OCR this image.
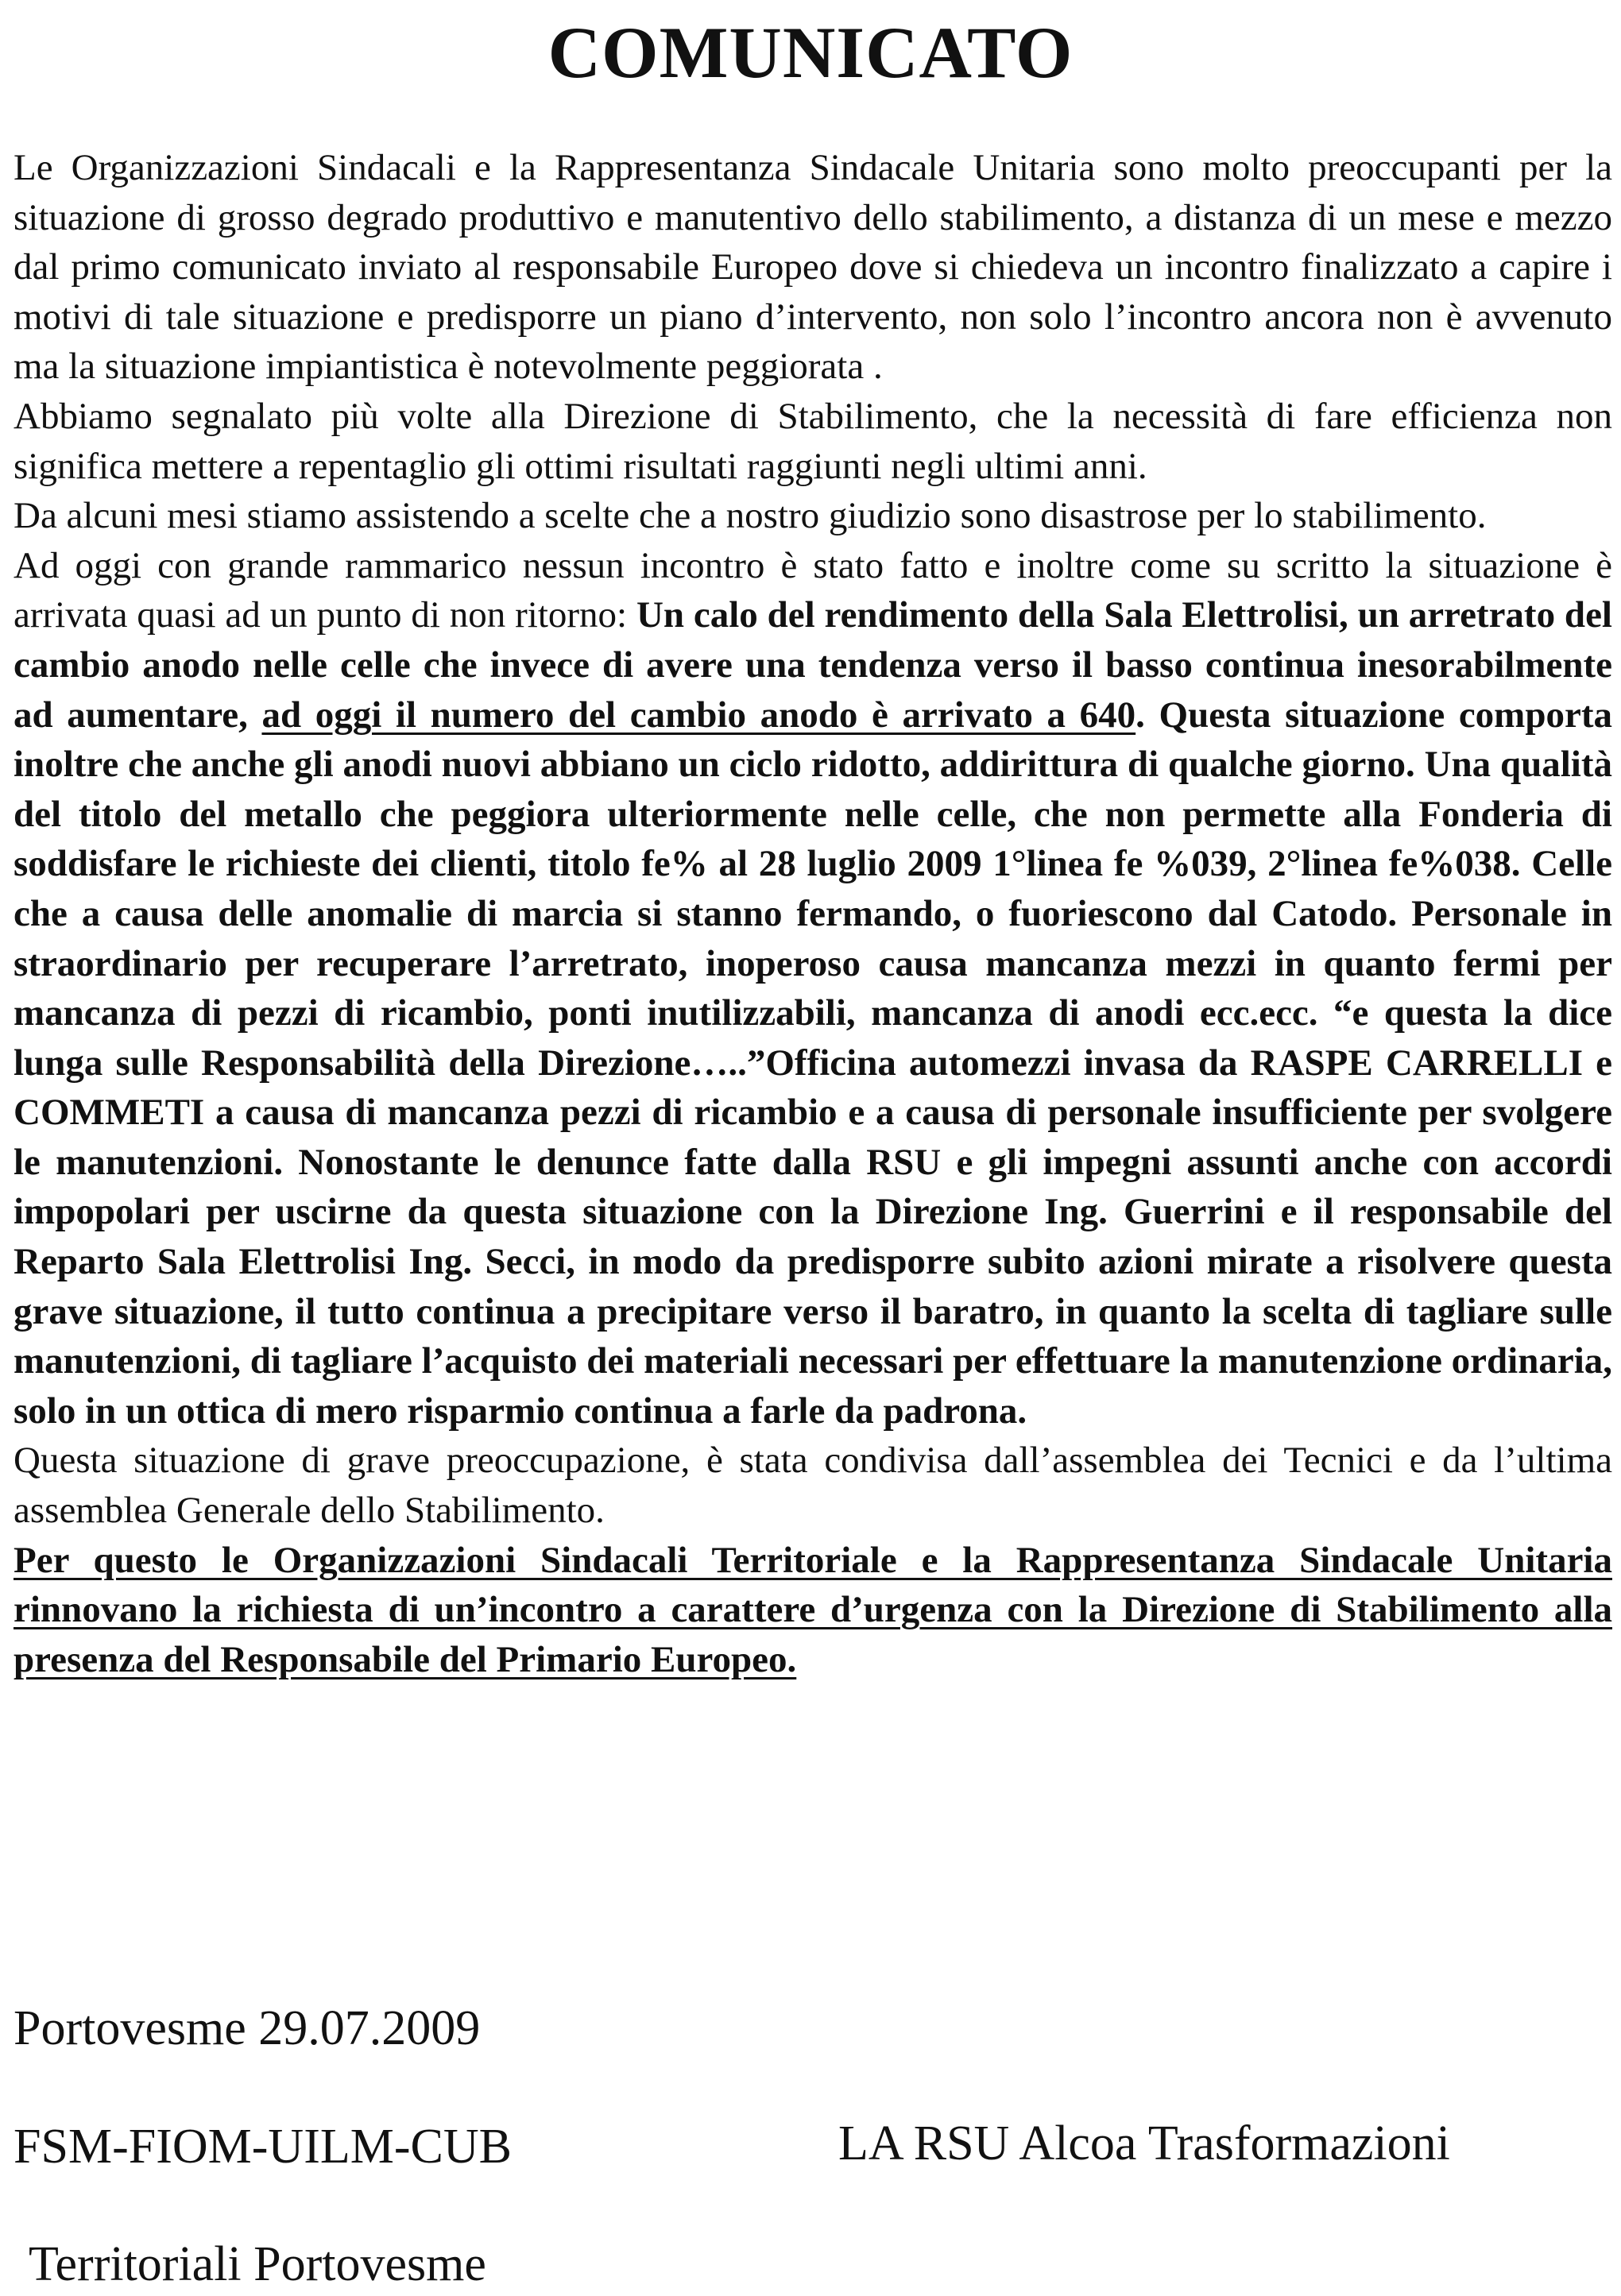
COMUNICATO

Le Organizzazioni Sindacali e la Rappresentanza Sindacale Unitaria sono molto preoccupanti per la situazione di grosso degrado produttivo e manutentivo dello stabilimento, a distanza di un mese e mezzo dal primo comunicato inviato al responsabile Europeo dove si chiedeva un incontro finalizzato a capire i motivi di tale situazione e predisporre un piano d’intervento, non solo l’incontro ancora non è avvenuto ma la situazione impiantistica è notevolmente peggiorata .

Abbiamo segnalato più volte alla Direzione di Stabilimento, che la necessità di fare efficienza non significa mettere a repentaglio gli ottimi risultati raggiunti negli ultimi anni.

Da alcuni mesi stiamo assistendo a scelte che a nostro giudizio sono disastrose per lo stabilimento.

Ad oggi con grande rammarico nessun incontro è stato fatto e inoltre come su scritto la situazione è arrivata quasi ad un punto di non ritorno: Un calo del rendimento della Sala Elettrolisi, un arretrato del cambio anodo nelle celle che invece di avere una tendenza verso il basso continua inesorabilmente ad aumentare, ad oggi il numero del cambio anodo è arrivato a 640. Questa situazione comporta inoltre che anche gli anodi nuovi abbiano un ciclo ridotto, addirittura di qualche giorno. Una qualità del titolo del metallo che peggiora ulteriormente nelle celle, che non permette alla Fonderia di soddisfare le richieste dei clienti, titolo fe% al 28 luglio 2009 1°linea fe %039, 2°linea fe%038. Celle che a causa delle anomalie di marcia si stanno fermando, o fuoriescono dal Catodo. Personale in straordinario per recuperare l’arretrato, inoperoso causa mancanza mezzi in quanto fermi per mancanza di pezzi di ricambio, ponti inutilizzabili, mancanza di anodi ecc.ecc. “e questa la dice lunga sulle Responsabilità della Direzione…..”Officina automezzi invasa da RASPE CARRELLI e COMMETI a causa di mancanza pezzi di ricambio e a causa di personale insufficiente per svolgere le manutenzioni. Nonostante le denunce fatte dalla RSU e gli impegni assunti anche con accordi impopolari per uscirne da questa situazione con la Direzione Ing. Guerrini e il responsabile del Reparto Sala Elettrolisi Ing. Secci, in modo da predisporre subito azioni mirate a risolvere questa grave situazione, il tutto continua a precipitare verso il baratro, in quanto la scelta di tagliare sulle manutenzioni, di tagliare l’acquisto dei materiali necessari per effettuare la manutenzione ordinaria, solo in un ottica di mero risparmio continua a farle da padrona.

Questa situazione di grave preoccupazione, è stata condivisa dall’assemblea dei Tecnici e da l’ultima assemblea Generale dello Stabilimento.

Per questo le Organizzazioni Sindacali Territoriale e la Rappresentanza Sindacale Unitaria rinnovano la richiesta di un’incontro a carattere d’urgenza con la Direzione di Stabilimento alla presenza del Responsabile del Primario Europeo.

Portovesme 29.07.2009
FSM-FIOM-UILM-CUB	LA RSU Alcoa Trasformazioni
Territoriali Portovesme
